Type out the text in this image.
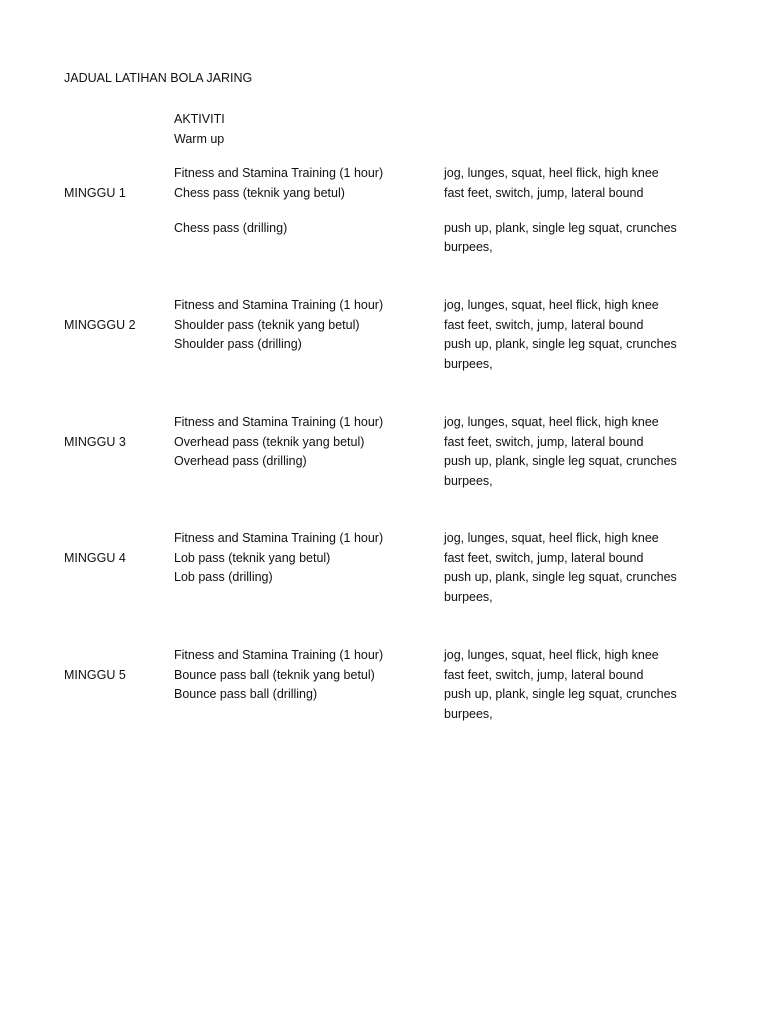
JADUAL LATIHAN BOLA JARING
AKTIVITI
Warm up
MINGGU 1
Fitness and Stamina Training (1 hour)
Chess pass (teknik yang betul)
Chess pass (drilling)
jog, lunges, squat, heel flick, high knee
fast feet, switch, jump, lateral bound
push up, plank, single leg squat, crunches
burpees,
MINGGGU 2
Fitness and Stamina Training (1 hour)
Shoulder pass (teknik yang betul)
Shoulder pass (drilling)
jog, lunges, squat, heel flick, high knee
fast feet, switch, jump, lateral bound
push up, plank, single leg squat, crunches
burpees,
MINGGU 3
Fitness and Stamina Training (1 hour)
Overhead pass (teknik yang betul)
Overhead pass (drilling)
jog, lunges, squat, heel flick, high knee
fast feet, switch, jump, lateral bound
push up, plank, single leg squat, crunches
burpees,
MINGGU 4
Fitness and Stamina Training (1 hour)
Lob pass (teknik yang betul)
Lob pass (drilling)
jog, lunges, squat, heel flick, high knee
fast feet, switch, jump, lateral bound
push up, plank, single leg squat, crunches
burpees,
MINGGU 5
Fitness and Stamina Training (1 hour)
Bounce pass ball (teknik yang betul)
Bounce pass ball (drilling)
jog, lunges, squat, heel flick, high knee
fast feet, switch, jump, lateral bound
push up, plank, single leg squat, crunches
burpees,
